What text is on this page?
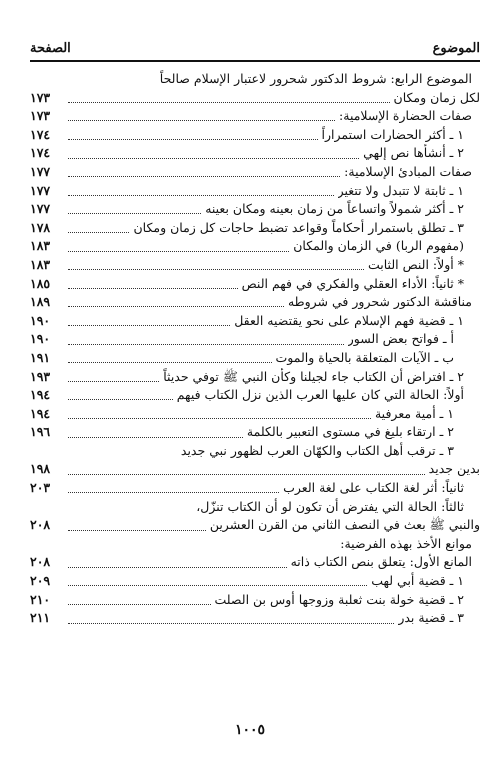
الموضوع
الصفحة
الموضوع الرابع: شروط الدكتور شحرور لاعتبار الإسلام صالحاً
لكل زمان ومكان
١٧٣
صفات الحضارة الإسلامية:
١٧٣
١ ـ أكثر الحضارات استمراراً
١٧٤
٢ ـ أنشأها نص إلهي
١٧٤
صفات المبادئ الإسلامية:
١٧٧
١ ـ ثابتة لا تتبدل ولا تتغير
١٧٧
٢ ـ أكثر شمولاً واتساعاً من زمان بعينه ومكان بعينه
١٧٧
٣ ـ تطلق باستمرار أحكاماً وقواعد تضبط حاجات كل زمان ومكان
١٧٨
(مفهوم الربا) في الزمان والمكان
١٨٣
* أولاً: النص الثابت
١٨٣
* ثانياً: الأداء العقلي والفكري في فهم النص
١٨٥
مناقشة الدكتور شحرور في شروطه
١٨٩
١ ـ قضية فهم الإسلام على نحو يقتضيه العقل
١٩٠
أ ـ فواتح بعض السور
١٩٠
ب ـ الآيات المتعلقة بالحياة والموت
١٩١
٢ ـ افتراض أن الكتاب جاء لجيلنا وكأن النبي ﷺ توفي حديثاً
١٩٣
أولاً: الحالة التي كان عليها العرب الذين نزل الكتاب فيهم
١٩٤
١ ـ أمية معرفية
١٩٤
٢ ـ ارتقاء بليغ في مستوى التعبير بالكلمة
١٩٦
٣ ـ ترقب أهل الكتاب والكهّان العرب لظهور نبي جديد
بدين جديد
١٩٨
ثانياً: أثر لغة الكتاب على لغة العرب
٢٠٣
ثالثاً: الحالة التي يفترض أن تكون لو أن الكتاب تنزّل،
والنبي ﷺ بعث في النصف الثاني من القرن العشرين
٢٠٨
موانع الأخذ بهذه الفرضية:
المانع الأول: يتعلق بنص الكتاب ذاته
٢٠٨
١ ـ قضية أبي لهب
٢٠٩
٢ ـ قضية خولة بنت ثعلبة وزوجها أوس بن الصلت
٢١٠
٣ ـ قضية بدر
٢١١
١٠٠٥
